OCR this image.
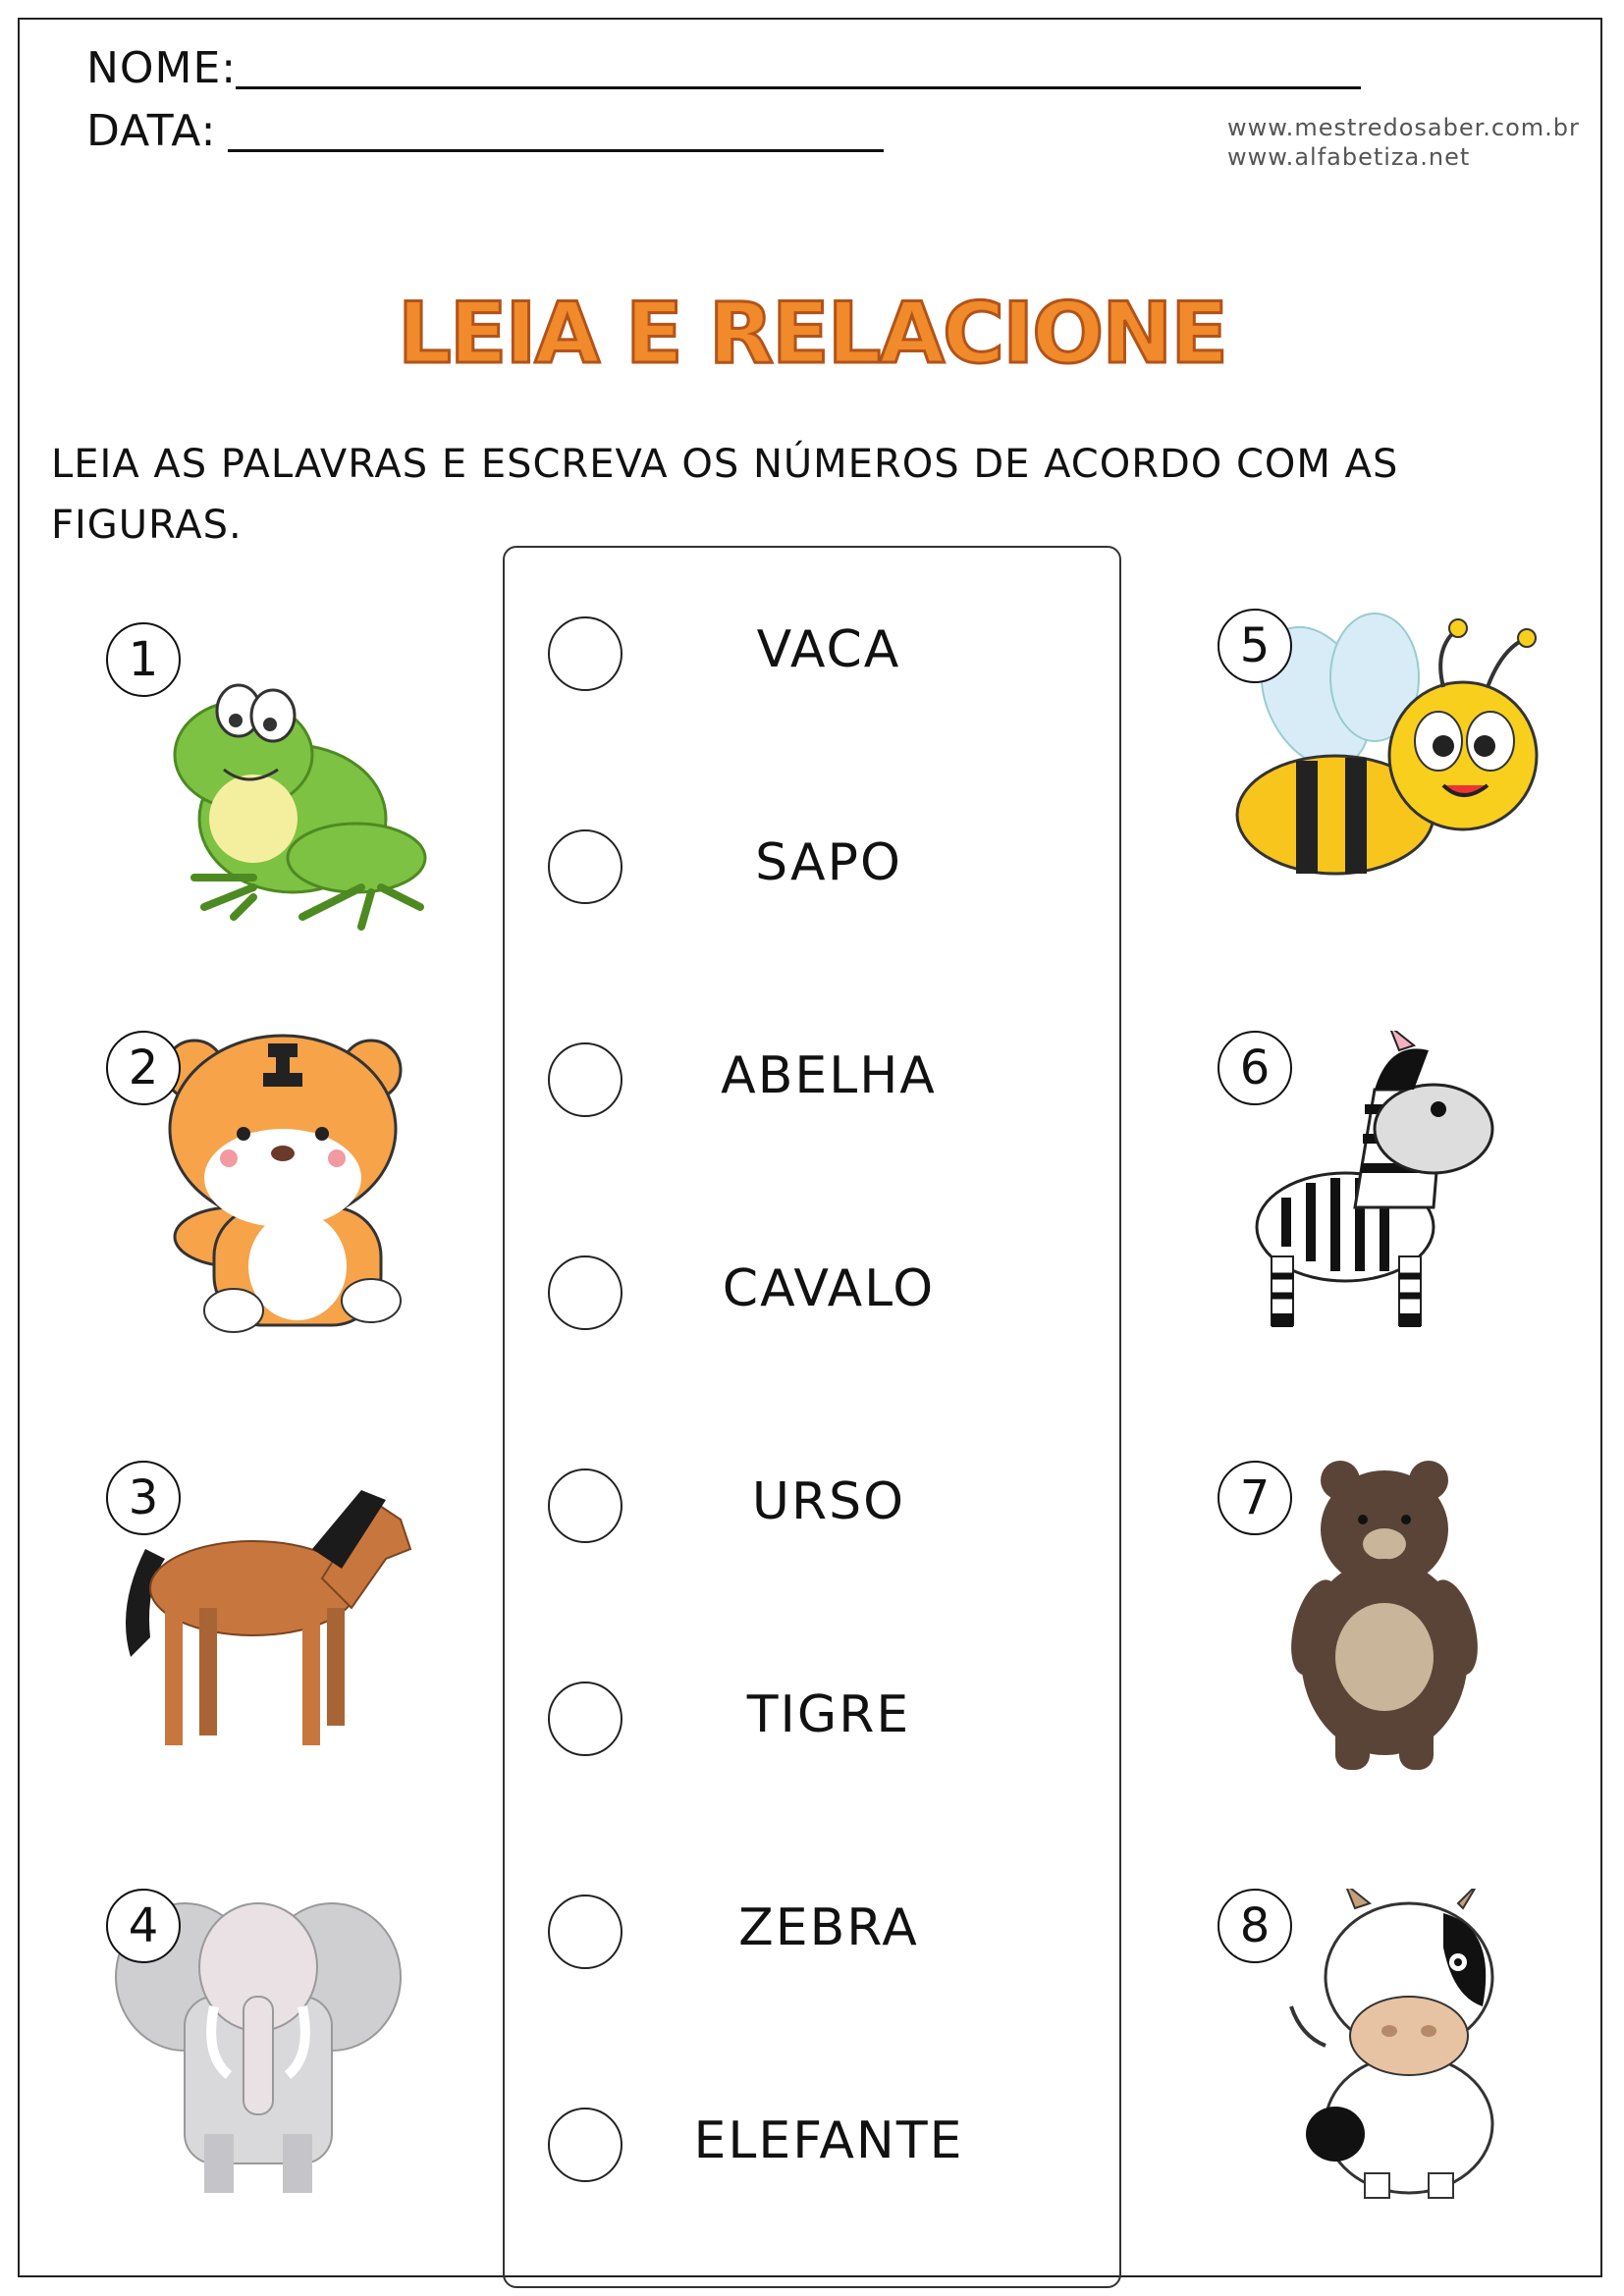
NOME:
DATA:	www.mestredosaber.com.br
www.alfabetiza.net
LEIA E RELACIONE
LEIA AS PALAVRAS E ESCREVA OS NÚMEROS DE ACORDO COM AS FIGURAS.
VACA
SAPO
ABELHA
CAVALO
URSO
TIGRE
ZEBRA
ELEFANTE
1
2
3
4
5
6
7
8
